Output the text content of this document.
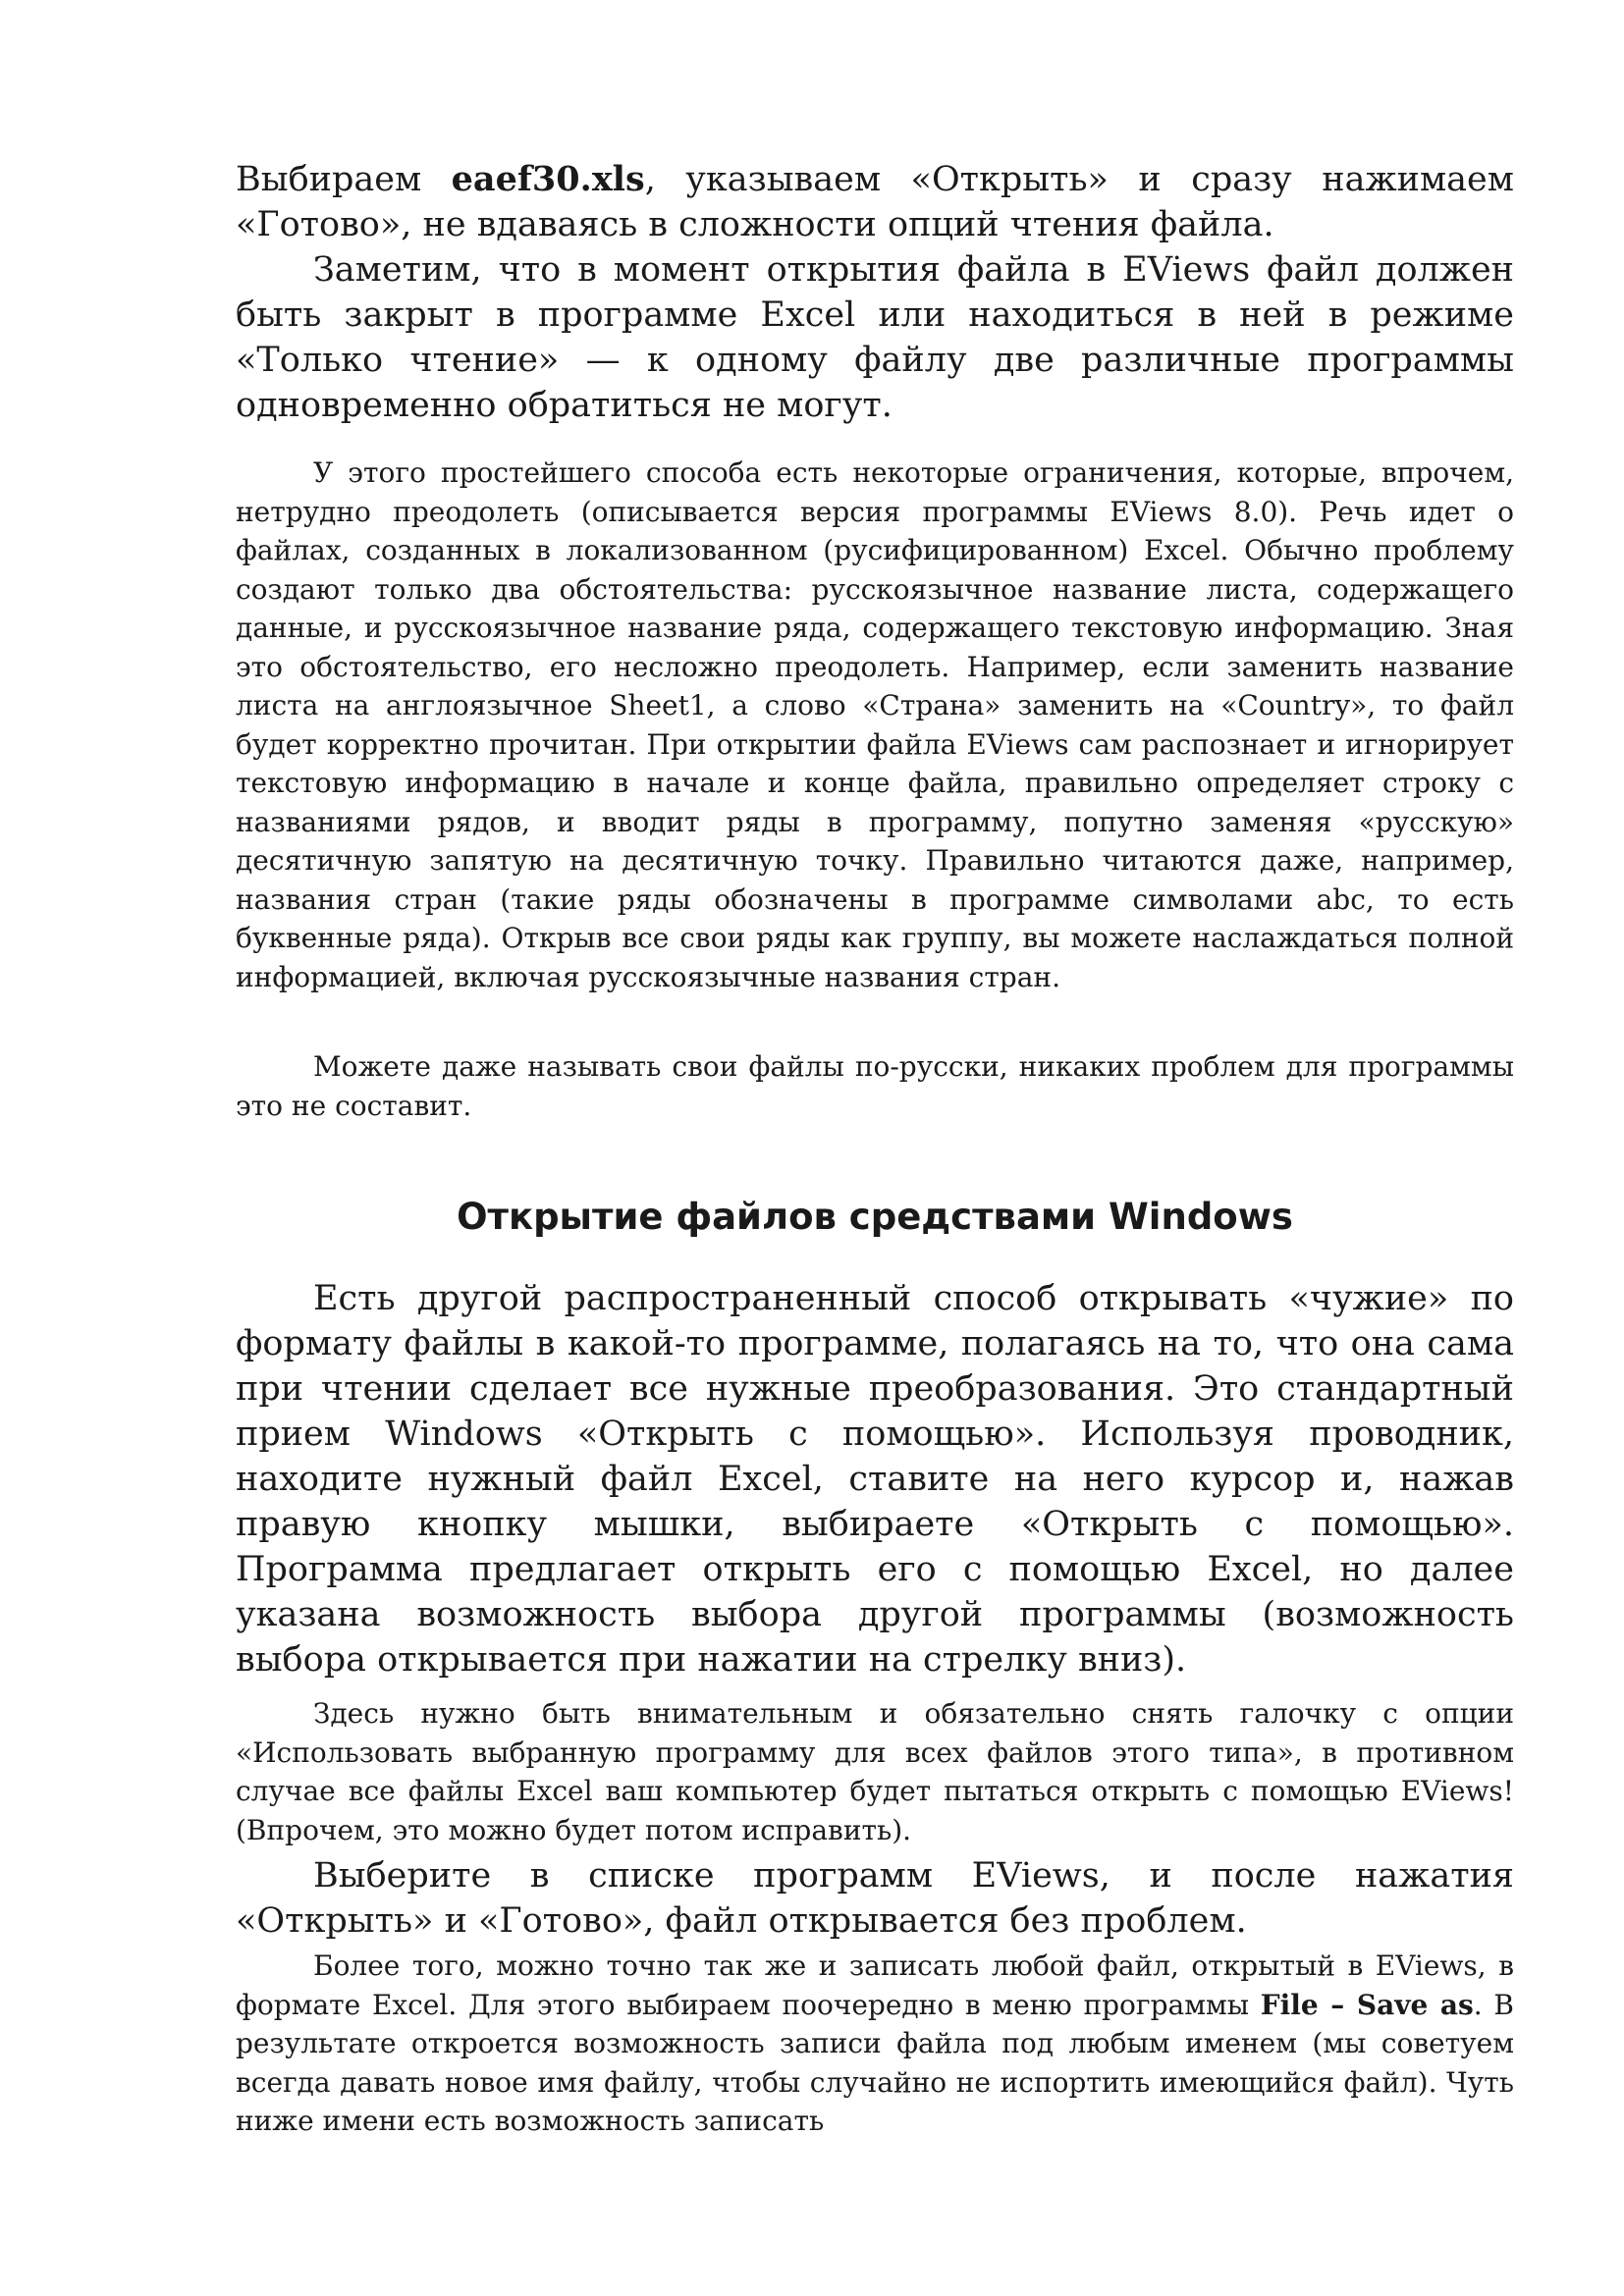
Выбираем eaef30.xls, указываем «Открыть» и сразу нажимаем «Готово», не вдаваясь в сложности опций чтения файла.

Заметим, что в момент открытия файла в EViews файл должен быть закрыт в программе Excel или находиться в ней в режиме «Только чтение» — к одному файлу две различные программы одновременно обратиться не могут.

У этого простейшего способа есть некоторые ограничения, которые, впрочем, нетрудно преодолеть (описывается версия программы EViews 8.0). Речь идет о файлах, созданных в локализованном (русифицированном) Excel. Обычно проблему создают только два обстоятельства: русскоязычное название листа, содержащего данные, и русскоязычное название ряда, содержащего текстовую информацию. Зная это обстоятельство, его несложно преодолеть. Например, если заменить название листа на англоязычное Sheet1, а слово «Страна» заменить на «Country», то файл будет корректно прочитан. При открытии файла EViews сам распознает и игнорирует текстовую информацию в начале и конце файла, правильно определяет строку с названиями рядов, и вводит ряды в программу, попутно заменяя «русскую» десятичную запятую на десятичную точку. Правильно читаются даже, например, названия стран (такие ряды обозначены в программе символами abc, то есть буквенные ряда). Открыв все свои ряды как группу, вы можете наслаждаться полной информацией, включая русскоязычные названия стран.

Можете даже называть свои файлы по-русски, никаких проблем для программы это не составит.

Открытие файлов средствами Windows

Есть другой распространенный способ открывать «чужие» по формату файлы в какой-то программе, полагаясь на то, что она сама при чтении сделает все нужные преобразования. Это стандартный прием Windows «Открыть с помощью». Используя проводник, находите нужный файл Excel, ставите на него курсор и, нажав правую кнопку мышки, выбираете «Открыть с помощью». Программа предлагает открыть его с помощью Excel, но далее указана возможность выбора другой программы (возможность выбора открывается при нажатии на стрелку вниз).

Здесь нужно быть внимательным и обязательно снять галочку с опции «Использовать выбранную программу для всех файлов этого типа», в противном случае все файлы Excel ваш компьютер будет пытаться открыть с помощью EViews! (Впрочем, это можно будет потом исправить).

Выберите в списке программ EViews, и после нажатия «Открыть» и «Готово», файл открывается без проблем.

Более того, можно точно так же и записать любой файл, открытый в EViews, в формате Excel. Для этого выбираем поочередно в меню программы File – Save as. В результате откроется возможность записи файла под любым именем (мы советуем всегда давать новое имя файлу, чтобы случайно не испортить имеющийся файл). Чуть ниже имени есть возможность записать
